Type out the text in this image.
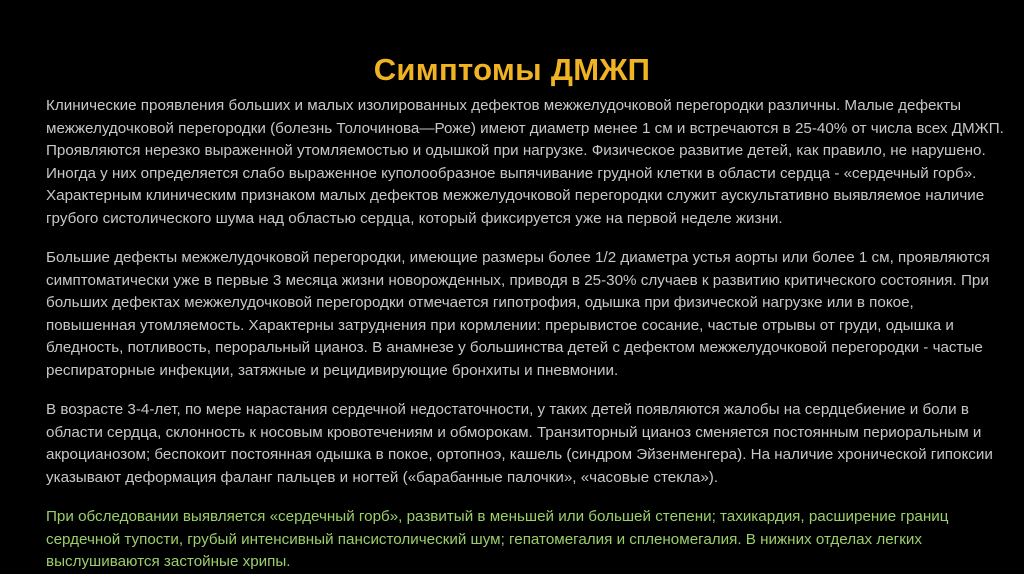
Симптомы ДМЖП
Клинические проявления больших и малых изолированных дефектов межжелудочковой перегородки различны. Малые дефекты
межжелудочковой перегородки (болезнь Толочинова—Роже) имеют диаметр менее 1 см и встречаются в 25-40% от числа всех ДМЖП.
Проявляются нерезко выраженной утомляемостью и одышкой при нагрузке. Физическое развитие детей, как правило, не нарушено.
Иногда у них определяется слабо выраженное куполообразное выпячивание грудной клетки в области сердца - «сердечный горб».
Характерным клиническим признаком малых дефектов межжелудочковой перегородки служит аускультативно выявляемое наличие
грубого систолического шума над областью сердца, который фиксируется уже на первой неделе жизни.
Большие дефекты межжелудочковой перегородки, имеющие размеры более 1/2 диаметра устья аорты или более 1 см, проявляются
симптоматически уже в первые 3 месяца жизни новорожденных, приводя в 25-30% случаев к развитию критического состояния. При
больших дефектах межжелудочковой перегородки отмечается гипотрофия, одышка при физической нагрузке или в покое,
повышенная утомляемость. Характерны затруднения при кормлении: прерывистое сосание, частые отрывы от груди, одышка и
бледность, потливость, перорaльный цианоз. В анамнезе у большинства детей с дефектом межжелудочковой перегородки - частые
респираторные инфекции, затяжные и рецидивирующие бронхиты и пневмонии.
В возрасте 3-4-лет, по мере нарастания сердечной недостаточности, у таких детей появляются жалобы на сердцебиение и боли в
области сердца, склонность к носовым кровотечениям и обморокам. Транзиторный цианоз сменяется постоянным периоральным и
акроцианозом; беспокоит постоянная одышка в покое, ортопноэ, кашель (синдром Эйзенменгера). На наличие хронической гипоксии
указывают деформация фаланг пальцев и ногтей («барабанные палочки», «часовые стекла»).
При обследовании выявляется «сердечный горб», развитый в меньшей или большей степени; тахикардия, расширение границ
сердечной тупости, грубый интенсивный пансистолический шум; гепатомегалия и спленомегалия. В нижних отделах легких
выслушиваются застойные хрипы.
